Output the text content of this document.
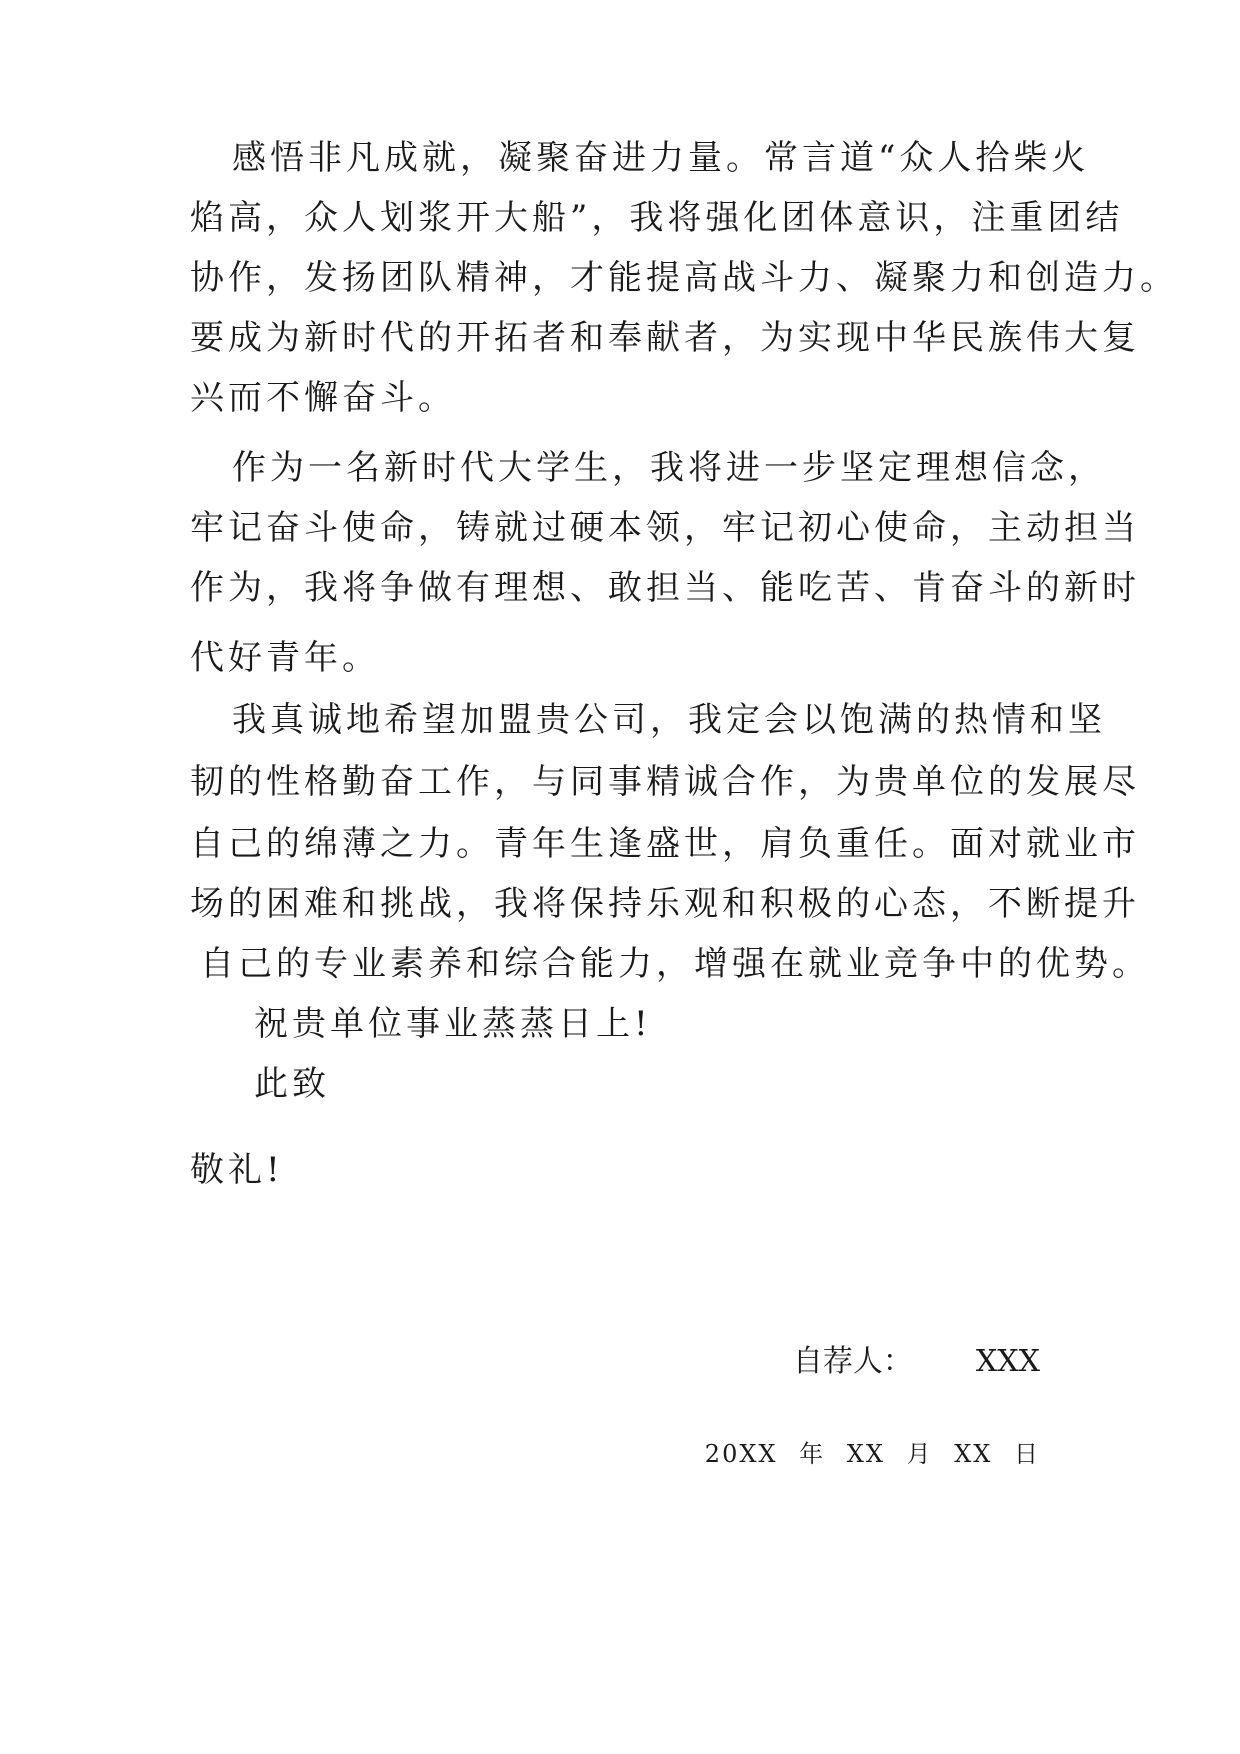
感悟非凡成就，凝聚奋进力量。常言道“众人拾柴火
焰高，众人划浆开大船”，我将强化团体意识，注重团结
协作，发扬团队精神，才能提高战斗力、凝聚力和创造力。
要成为新时代的开拓者和奉献者，为实现中华民族伟大复
兴而不懈奋斗。
作为一名新时代大学生，我将进一步坚定理想信念，
牢记奋斗使命，铸就过硬本领，牢记初心使命，主动担当
作为，我将争做有理想、敢担当、能吃苦、肯奋斗的新时
代好青年。
我真诚地希望加盟贵公司，我定会以饱满的热情和坚
韧的性格勤奋工作，与同事精诚合作，为贵单位的发展尽
自己的绵薄之力。青年生逢盛世，肩负重任。面对就业市
场的困难和挑战，我将保持乐观和积极的心态，不断提升
自己的专业素养和综合能力，增强在就业竞争中的优势。
祝贵单位事业蒸蒸日上!
此致
敬礼!
自荐人： XXX
20XX 年 XX 月 XX 日
